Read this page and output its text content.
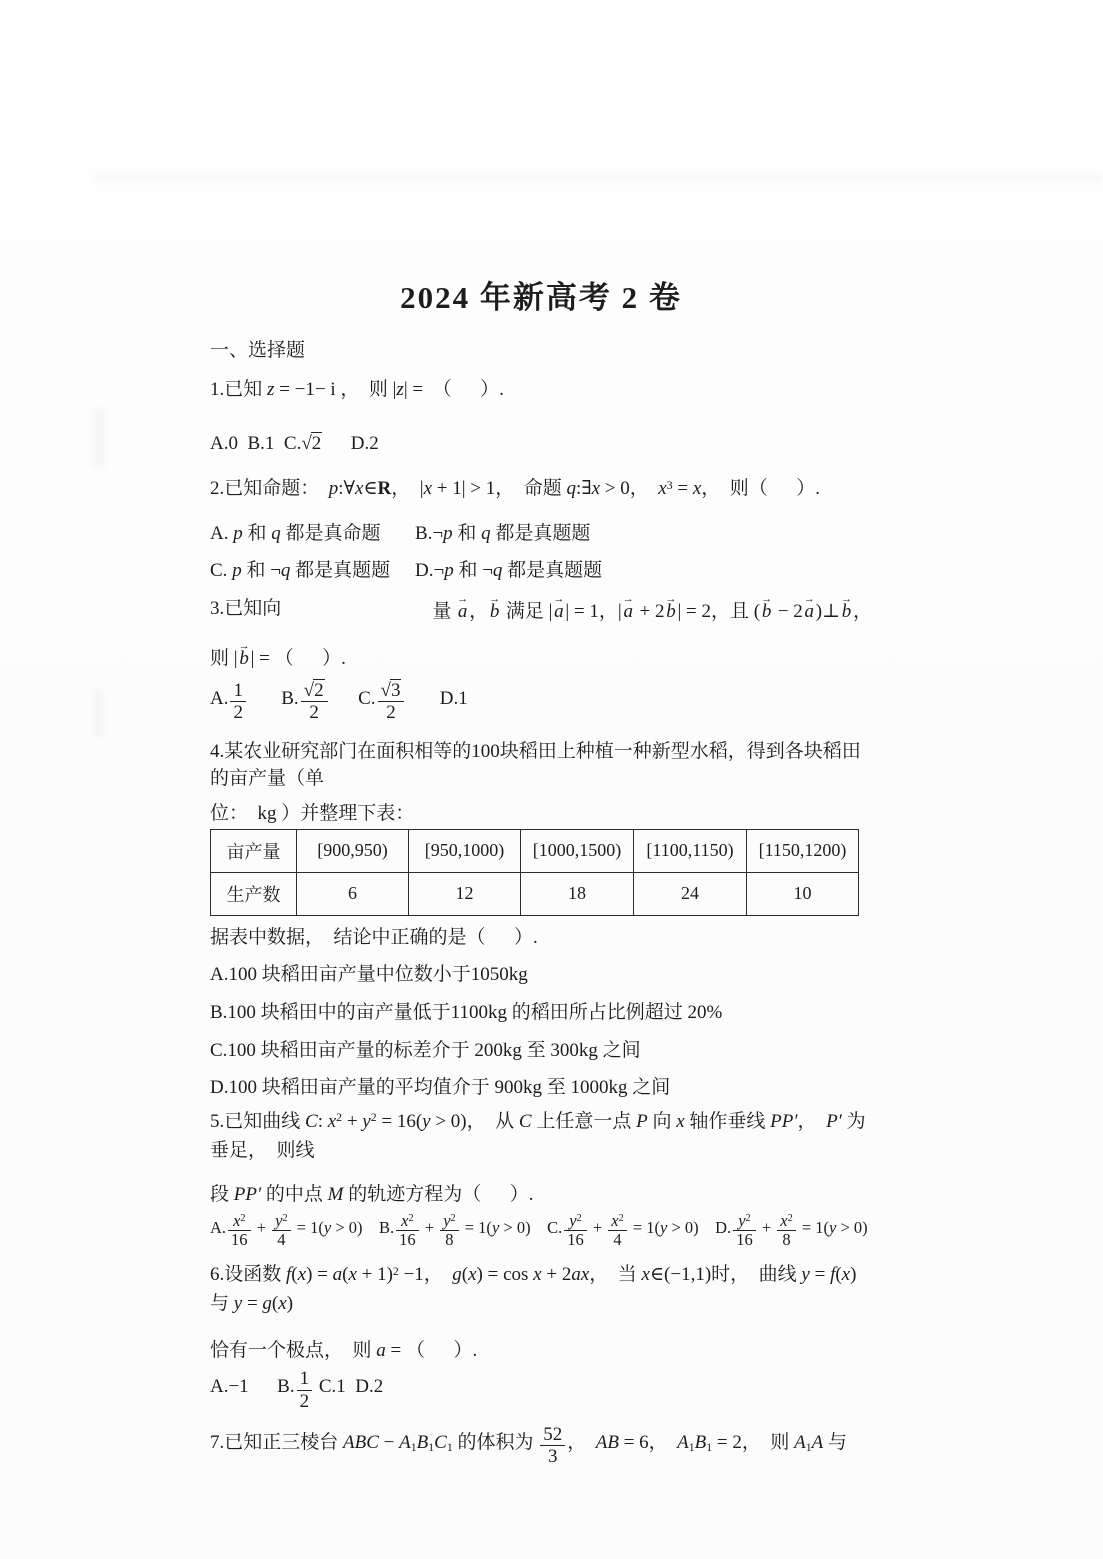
2024 年新高考 2 卷
一、选择题
1.已知 z = −1− i ，  则 |z| =  （      ）.
A.0  B.1  C.√2      D.2
2.已知命题：  p:∀x∈R，  |x + 1| > 1，  命题 q:∃x > 0，  $x^3 = x$，  则（      ）.
A. p 和 q 都是真命题	B.¬p 和 q 都是真题题
C. p 和 ¬q 都是真题题	D.¬p 和 ¬q 都是真题题
3.已知向	量
→
a ，
→
b 满足 |
→
a | = 1，|
→
a + 2
→
b | = 2，且 (
→
b − 2
→
a )⊥
→
b ，
则 |
→
b | = （      ）.
A. $\frac{1}{2} B$. $\frac{√2}{2} C$. $\frac{√3}{2} D.1$
4.某农业研究部门在面积相等的100块稻田上种植一种新型水稻，得到各块稻田的亩产量（单
位：  kg ）并整理下表：
亩产量	[900,950)	[950,1000)	[1000,1500)	[1100,1150)	[1150,1200)
生产数	6	12	18	24	10
据表中数据，  结论中正确的是（      ）.
A.100 块稻田亩产量中位数小于1050kg
B.100 块稻田中的亩产量低于1100kg 的稻田所占比例超过 20%
C.100 块稻田亩产量的标差介于 200kg 至 300kg 之间
D.100 块稻田亩产量的平均值介于 900kg 至 1000kg 之间
5.已知曲线 C: $x^2 + y^2 = 16(y > 0)$，  从 C 上任意一点 P 向 x 轴作垂线 PP′，  P′ 为垂足，  则线
段 PP′ 的中点 M 的轨迹方程为（      ）.
A. $\frac{x^2}{16} + \frac{y^2}{4} = 1(y > 0)$    B. $\frac{x^2}{16} + \frac{y^2}{8} = 1(y > 0)$    C. $\frac{y^2}{16} + \frac{x^2}{4} = 1(y > 0)$    D. $\frac{y^2}{16} + \frac{x^2}{8} = 1(y > 0)$
6.设函数 $f(x) = a(x + 1)^2 -1$，  g(x) = cos x + 2ax，  当 x∈(−1,1)时，  曲线 y = f(x) 与 y = g(x)
恰有一个极点，  则 a = （      ）.
A.−1      B. $\frac{1}{2} C.1$  D.2
7.已知正三棱台 ABC − A1B1C1 的体积为 $\frac{52}{3}$ ，  AB = 6，  A1B1 = 2，  则 A1A 与
